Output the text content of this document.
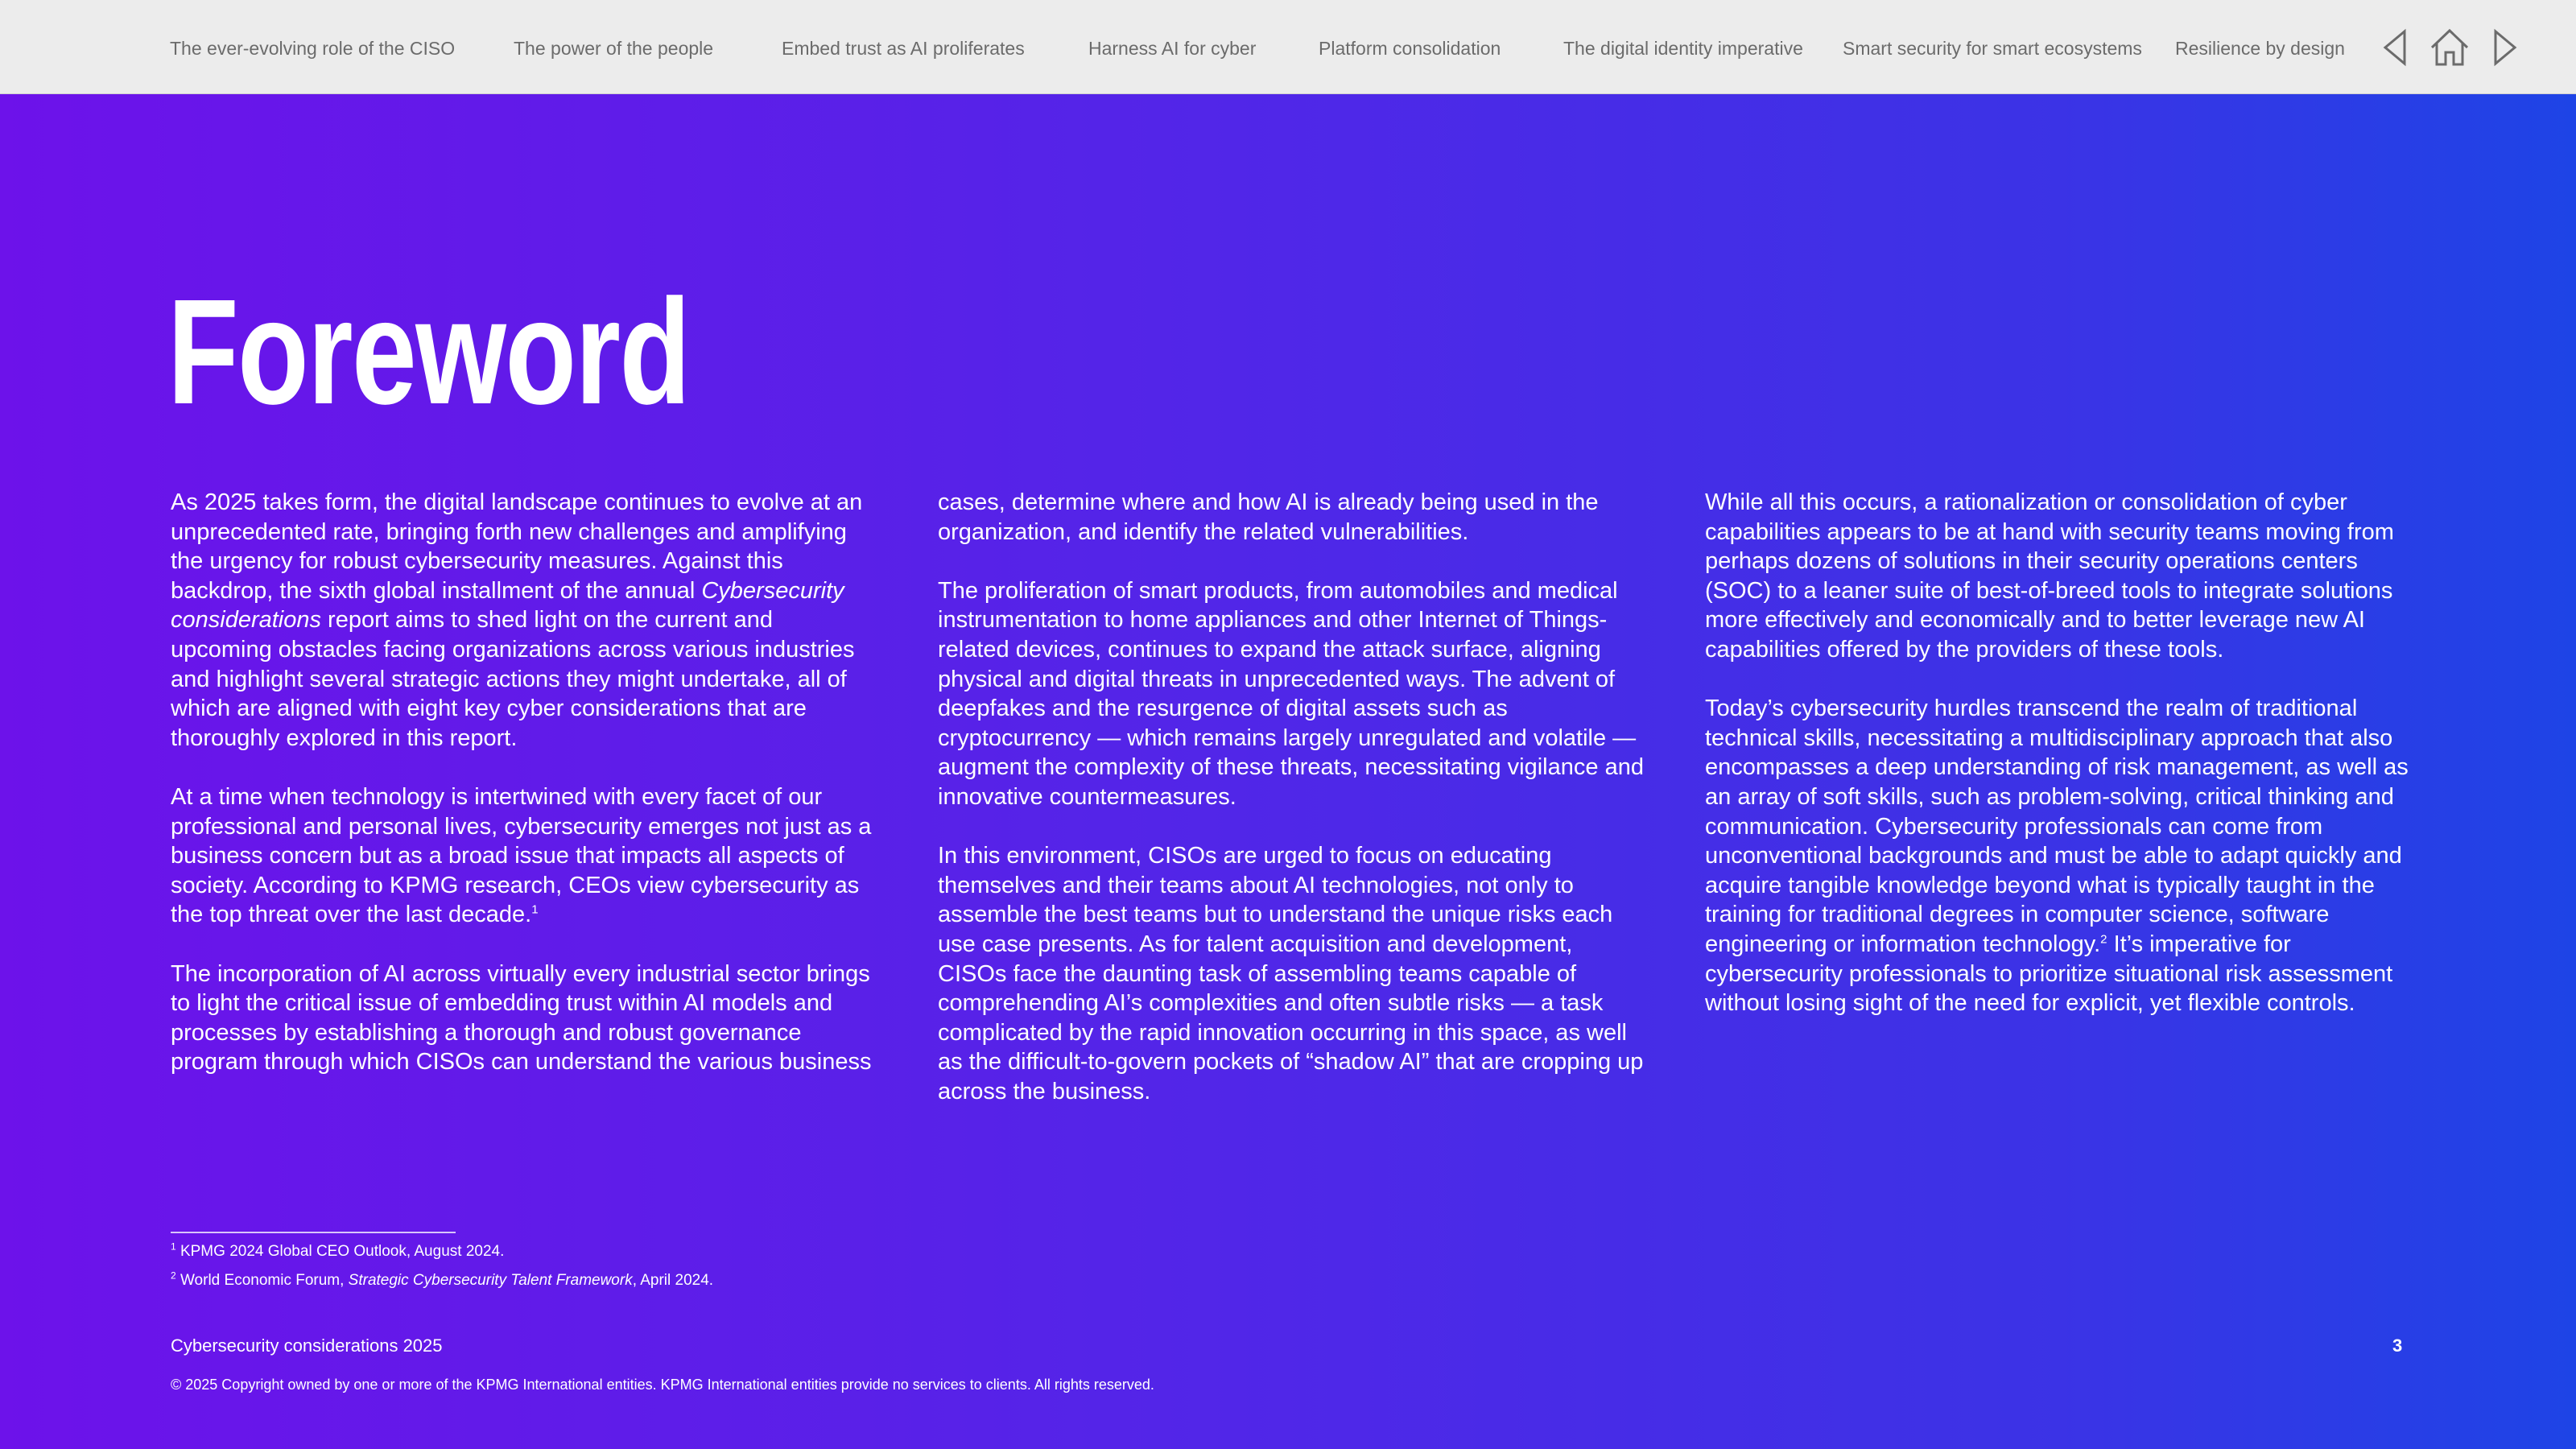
The ever-evolving role of the CISO	The power of the people	Embed trust as AI proliferates	Harness AI for cyber	Platform consolidation	The digital identity imperative Smart security for smart ecosystems Resilience by design
Foreword

As 2025 takes form, the digital landscape continues to evolve at an unprecedented rate, bringing forth new challenges and amplifying the urgency for robust cybersecurity measures. Against this backdrop, the sixth global installment of the annual Cybersecurity considerations report aims to shed light on the current and upcoming obstacles facing organizations across various industries and highlight several strategic actions they might undertake, all of which are aligned with eight key cyber considerations that are thoroughly explored in this report.

At a time when technology is intertwined with every facet of our professional and personal lives, cybersecurity emerges not just as a business concern but as a broad issue that impacts all aspects of society. According to KPMG research, CEOs view cybersecurity as the top threat over the last decade.$^1$

The incorporation of AI across virtually every industrial sector brings to light the critical issue of embedding trust within AI models and processes by establishing a thorough and robust governance program through which CISOs can understand the various business

cases, determine where and how AI is already being used in the organization, and identify the related vulnerabilities.

The proliferation of smart products, from automobiles and medical instrumentation to home appliances and other Internet of Things-related devices, continues to expand the attack surface, aligning physical and digital threats in unprecedented ways. The advent of deepfakes and the resurgence of digital assets such as cryptocurrency — which remains largely unregulated and volatile — augment the complexity of these threats, necessitating vigilance and innovative countermeasures.

In this environment, CISOs are urged to focus on educating themselves and their teams about AI technologies, not only to assemble the best teams but to understand the unique risks each use case presents. As for talent acquisition and development, CISOs face the daunting task of assembling teams capable of comprehending AI’s complexities and often subtle risks — a task complicated by the rapid innovation occurring in this space, as well as the difficult-to-govern pockets of “shadow AI” that are cropping up across the business.

While all this occurs, a rationalization or consolidation of cyber capabilities appears to be at hand with security teams moving from perhaps dozens of solutions in their security operations centers (SOC) to a leaner suite of best-of-breed tools to integrate solutions more effectively and economically and to better leverage new AI capabilities offered by the providers of these tools.

Today’s cybersecurity hurdles transcend the realm of traditional technical skills, necessitating a multidisciplinary approach that also encompasses a deep understanding of risk management, as well as an array of soft skills, such as problem-solving, critical thinking and communication. Cybersecurity professionals can come from unconventional backgrounds and must be able to adapt quickly and acquire tangible knowledge beyond what is typically taught in the training for traditional degrees in computer science, software engineering or information technology.$^2$ It’s imperative for cybersecurity professionals to prioritize situational risk assessment without losing sight of the need for explicit, yet flexible controls.

$^1$ KPMG 2024 Global CEO Outlook, August 2024.
$^2$ World Economic Forum, Strategic Cybersecurity Talent Framework, April 2024.
Cybersecurity considerations 2025	3
© 2025 Copyright owned by one or more of the KPMG International entities. KPMG International entities provide no services to clients. All rights reserved.
